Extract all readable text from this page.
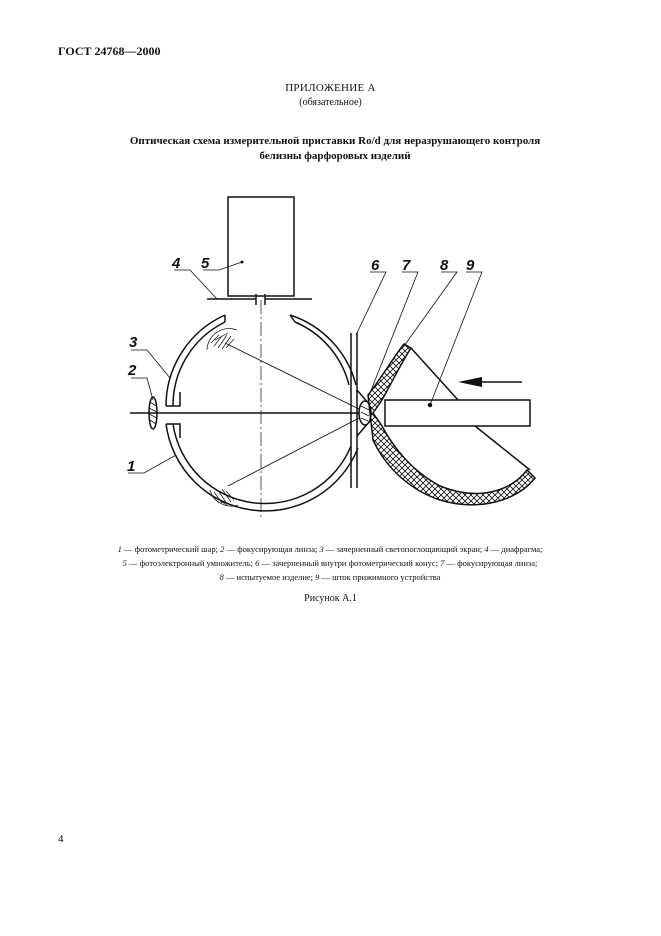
ГОСТ 24768—2000
ПРИЛОЖЕНИЕ А
(обязательное)
Оптическая схема измерительной приставки Ro/d для неразрушающего контроля
белизны фарфоровых изделий
1
2
3
4 5	6 7 8 9
1 — фотометрический шар; 2 — фокусирующая линза; 3 — зачерненный светопоглощающий экран; 4 — диафрагма;
5 — фотоэлектронный умножитель; 6 — зачерненный внутри фотометрический конус; 7 — фокусирующая линза;
8 — испытуемое изделие; 9 — шток прижимного устройства
Рисунок А.1
4
